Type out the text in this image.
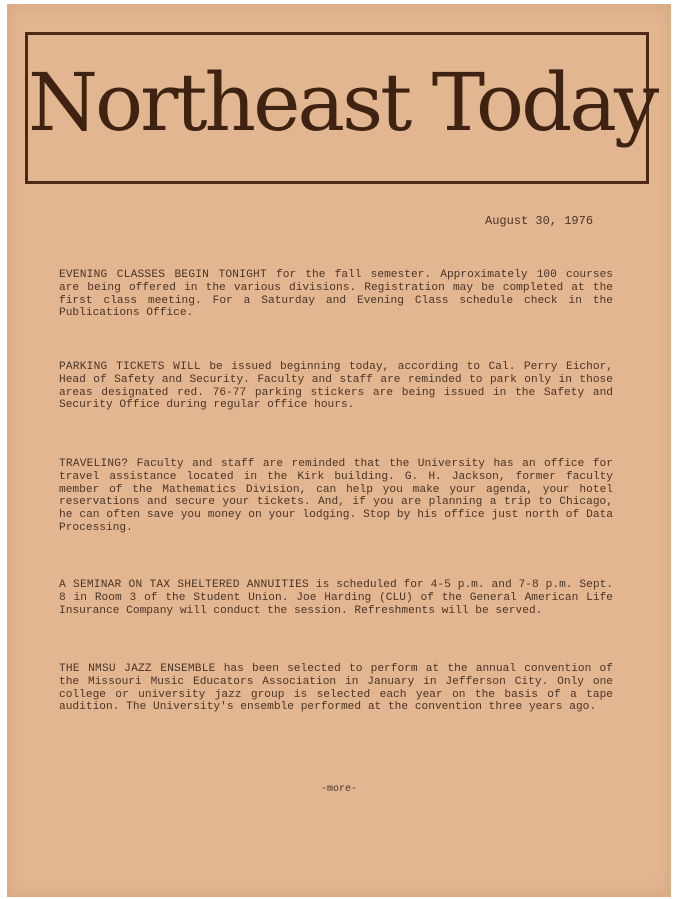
Northeast Today
August 30, 1976

EVENING CLASSES BEGIN TONIGHT for the fall semester. Approximately 100 courses are being offered in the various divisions. Registration may be completed at the first class meeting. For a Saturday and Evening Class schedule check in the Publications Office.

PARKING TICKETS WILL be issued beginning today, according to Cal. Perry Eichor, Head of Safety and Security. Faculty and staff are reminded to park only in those areas designated red. 76-77 parking stickers are being issued in the Safety and Security Office during regular office hours.

TRAVELING? Faculty and staff are reminded that the University has an office for travel assistance located in the Kirk building. G. H. Jackson, former faculty member of the Mathematics Division, can help you make your agenda, your hotel reservations and secure your tickets. And, if you are planning a trip to Chicago, he can often save you money on your lodging. Stop by his office just north of Data Processing.

A SEMINAR ON TAX SHELTERED ANNUITIES is scheduled for 4-5 p.m. and 7-8 p.m. Sept. 8 in Room 3 of the Student Union. Joe Harding (CLU) of the General American Life Insurance Company will conduct the session. Refreshments will be served.

THE NMSU JAZZ ENSEMBLE has been selected to perform at the annual convention of the Missouri Music Educators Association in January in Jefferson City. Only one college or university jazz group is selected each year on the basis of a tape audition. The University's ensemble performed at the convention three years ago.

-more-
